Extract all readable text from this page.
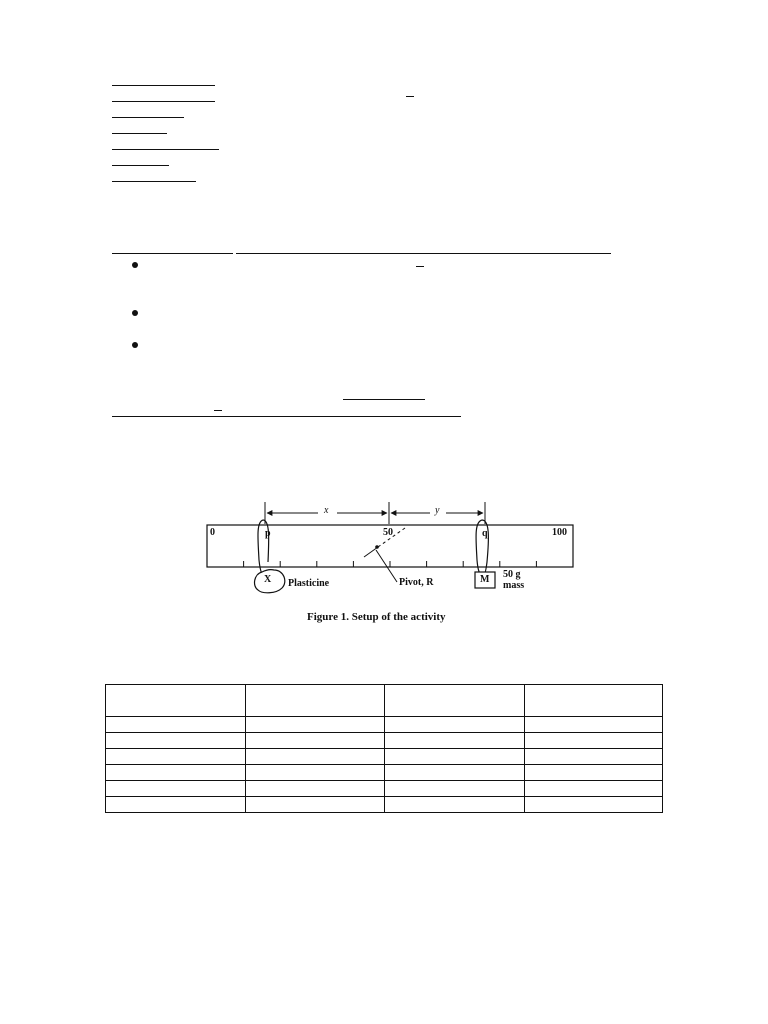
0	50	100
p	q
x	y
X Plasticine	Pivot, R	M 50 g
mass
Figure 1. Setup of the activity
